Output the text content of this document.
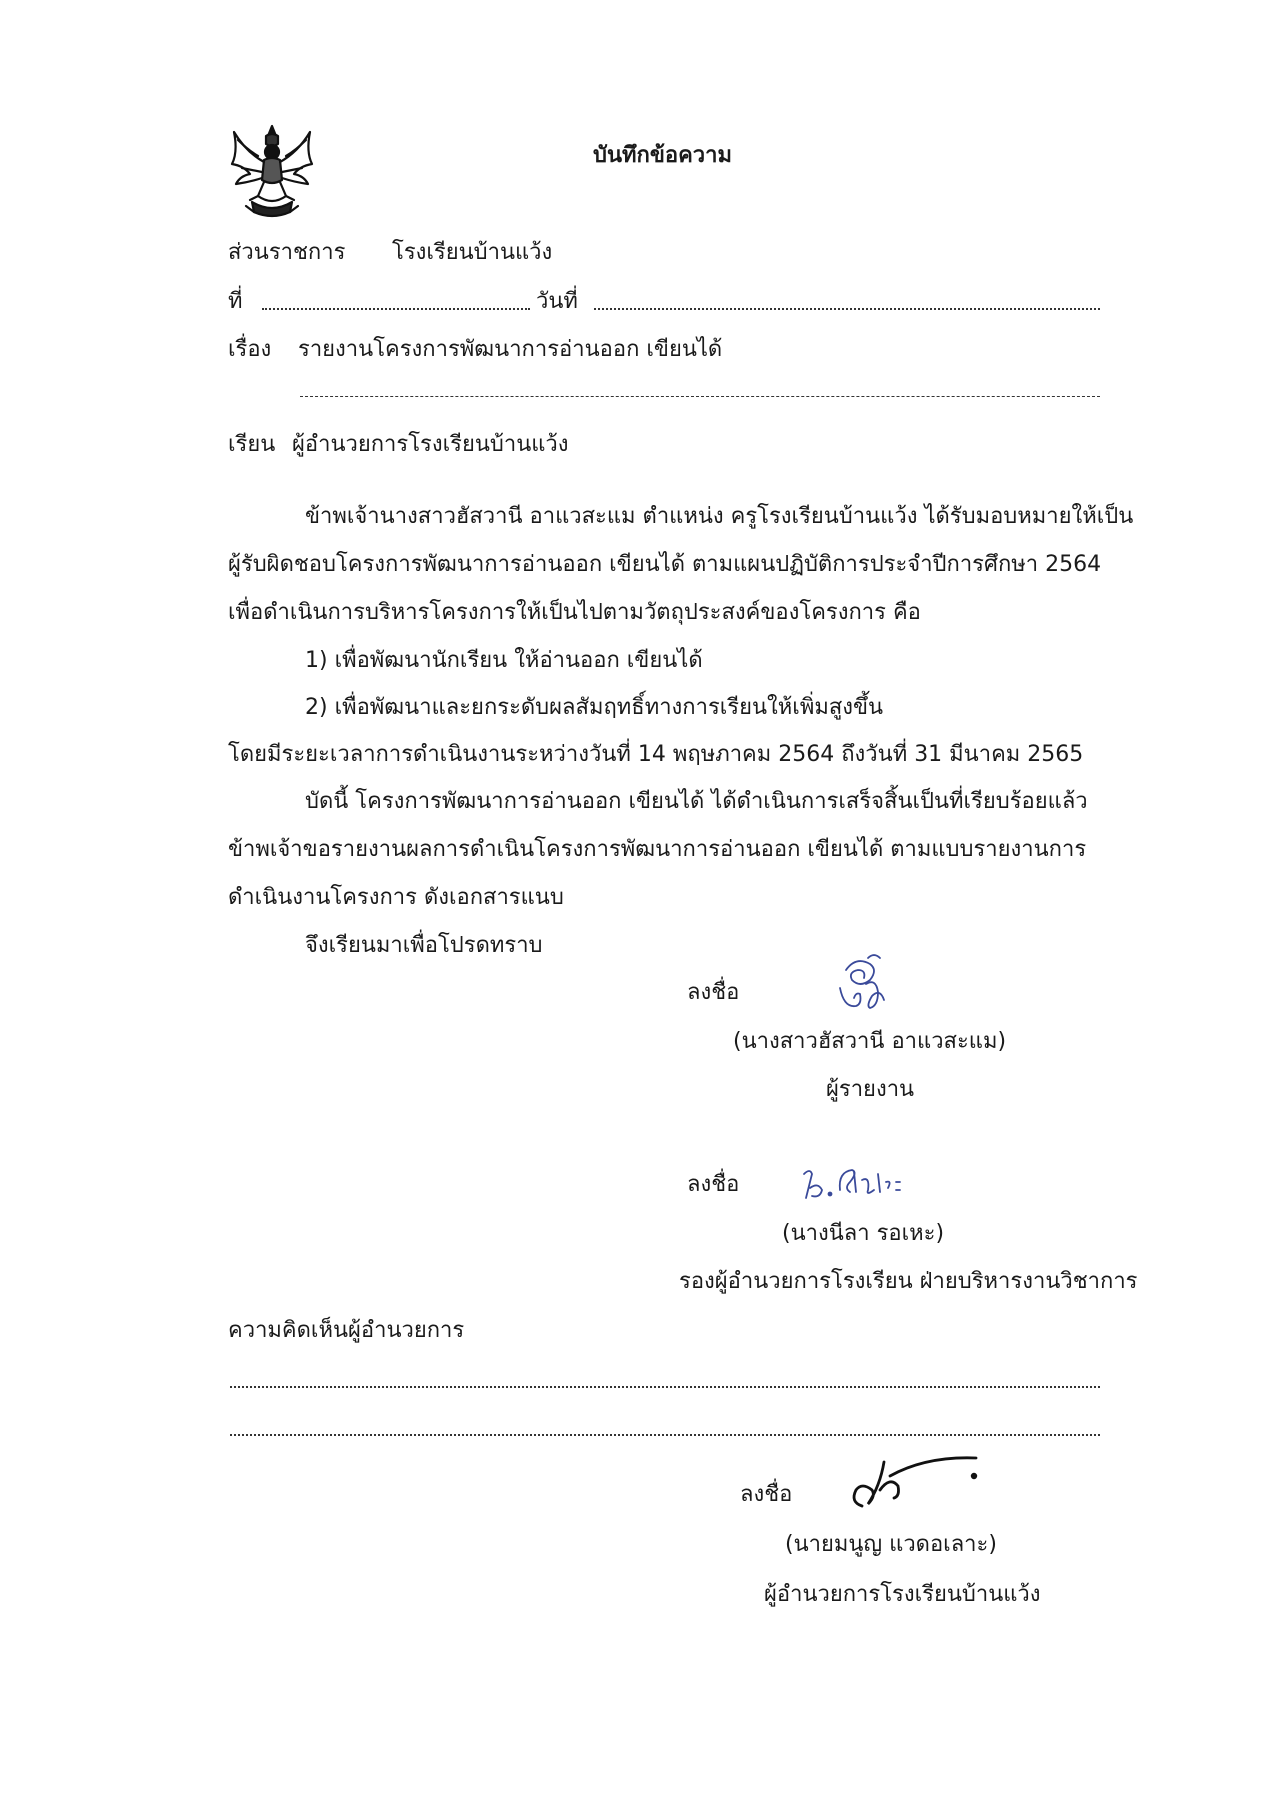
บันทึกข้อความ
ส่วนราชการ โรงเรียนบ้านแว้ง
ที่	วันที่
เรื่อง รายงานโครงการพัฒนาการอ่านออก เขียนได้
เรียน ผู้อำนวยการโรงเรียนบ้านแว้ง
ข้าพเจ้านางสาวฮัสวานี อาแวสะแม ตำแหน่ง ครูโรงเรียนบ้านแว้ง ได้รับมอบหมายให้เป็น
ผู้รับผิดชอบโครงการพัฒนาการอ่านออก เขียนได้ ตามแผนปฏิบัติการประจำปีการศึกษา 2564
เพื่อดำเนินการบริหารโครงการให้เป็นไปตามวัตถุประสงค์ของโครงการ คือ
1) เพื่อพัฒนานักเรียน ให้อ่านออก เขียนได้
2) เพื่อพัฒนาและยกระดับผลสัมฤทธิ์ทางการเรียนให้เพิ่มสูงขึ้น
โดยมีระยะเวลาการดำเนินงานระหว่างวันที่ 14 พฤษภาคม 2564 ถึงวันที่ 31 มีนาคม 2565
บัดนี้ โครงการพัฒนาการอ่านออก เขียนได้ ได้ดำเนินการเสร็จสิ้นเป็นที่เรียบร้อยแล้ว
ข้าพเจ้าขอรายงานผลการดำเนินโครงการพัฒนาการอ่านออก เขียนได้ ตามแบบรายงานการ
ดำเนินงานโครงการ ดังเอกสารแนบ
จึงเรียนมาเพื่อโปรดทราบ
ลงชื่อ
(นางสาวฮัสวานี อาแวสะแม)
ผู้รายงาน
ลงชื่อ
(นางนีลา รอเหะ)
รองผู้อำนวยการโรงเรียน ฝ่ายบริหารงานวิชาการ
ความคิดเห็นผู้อำนวยการ
ลงชื่อ
(นายมนูญ แวดอเลาะ)
ผู้อำนวยการโรงเรียนบ้านแว้ง
